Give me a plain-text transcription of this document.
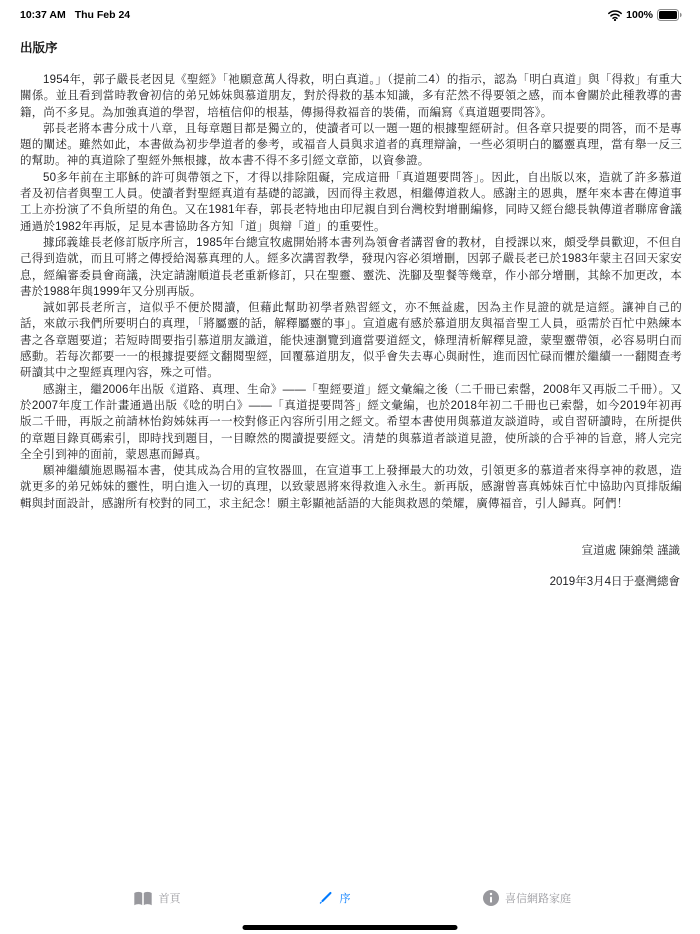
10:37 AM Thu Feb 24	100%
出版序

1954年，郭子嚴長老因見《聖經》「祂願意萬人得救，明白真道。」（提前二4）的指示，認為「明白真道」與「得救」有重大關係。並且看到當時教會初信的弟兄姊妹與慕道朋友，對於得救的基本知識，多有茫然不得要領之感，而本會關於此種教導的書籍，尚不多見。為加強真道的學習，培植信仰的根基，傳揚得救福音的裝備，而編寫《真道題要問答》。

郭長老將本書分成十八章，且每章題目都是獨立的，使讀者可以一題一題的根據聖經研討。但各章只提要的問答，而不是專題的闡述。雖然如此，本書做為初步學道者的參考，或福音人員與求道者的真理辯論，一些必須明白的屬靈真理，當有舉一反三的幫助。神的真道除了聖經外無根據，故本書不得不多引經文章節，以資參證。

50多年前在主耶穌的許可與帶領之下，才得以排除阻礙，完成這冊「真道題要問答」。因此，自出版以來，造就了許多慕道者及初信者與聖工人員。使讀者對聖經真道有基礎的認識，因而得主救恩，相繼傳道救人。感謝主的恩典，歷年來本書在傳道事工上亦扮演了不負所望的角色。又在1981年春，郭長老特地由印尼親自到台灣校對增刪編修，同時又經台總長執傳道者聯席會議通過於1982年再版，足見本書協助各方知「道」與辯「道」的重要性。

據邱義雄長老修訂版序所言，1985年台總宣牧處開始將本書列為領會者講習會的教材，自授課以來，頗受學員歡迎，不但自己得到造就，而且可將之傳授給渴慕真理的人。經多次講習教學，發現內容必須增刪，因郭子嚴長老已於1983年蒙主召回天家安息，經編審委員會商議，決定請謝順道長老重新修訂，只在聖靈、靈洗、洗腳及聖餐等幾章，作小部分增刪，其餘不加更改，本書於1988年與1999年又分別再版。

誠如郭長老所言，這似乎不便於閱讀，但藉此幫助初學者熟習經文，亦不無益處，因為主作見證的就是這經。讓神自己的話，來啟示我們所要明白的真理，「將屬靈的話，解釋屬靈的事」。宣道處有感於慕道朋友與福音聖工人員，亟需於百忙中熟練本書之各章題要道；若短時間要指引慕道朋友識道，能快速瀏覽到適當要道經文，條理清析解釋見證，蒙聖靈帶領，必容易明白而感動。若每次都要一一的根據提要經文翻閱聖經，回覆慕道朋友，似乎會失去專心與耐性，進而因忙碌而懼於繼續一一翻閱查考研讀其中之聖經真理內容，殊之可惜。

感謝主，繼2006年出版《道路、真理、生命》——「聖經要道」經文彙編之後（二千冊已索罄，2008年又再版二千冊）。又於2007年度工作計畫通過出版《唸的明白》——「真道提要問答」經文彙編，也於2018年初二千冊也已索罄，如今2019年初再版二千冊，再版之前請林怡鈞姊妹再一一校對修正內容所引用之經文。希望本書使用與慕道友談道時，或自習研讀時，在所提供的章題目錄頁碼索引，即時找到題目，一目瞭然的閱讀提要經文。清楚的與慕道者談道見證，使所談的合乎神的旨意，將人完完全全引到神的面前，蒙恩惠而歸真。

願神繼續施恩賜福本書，使其成為合用的宣牧器皿，在宣道事工上發揮最大的功效，引領更多的慕道者來得享神的救恩，造就更多的弟兄姊妹的靈性，明白進入一切的真理，以致蒙恩將來得救進入永生。新再版，感謝曾喜真姊妹百忙中協助內頁排版編輯與封面設計，感謝所有校對的同工，求主紀念！願主彰顯祂話語的大能與救恩的榮耀，廣傳福音，引人歸真。阿們！

宣道處 陳錦榮 謹識

2019年3月4日于臺灣總會

首頁	序	喜信網路家庭
